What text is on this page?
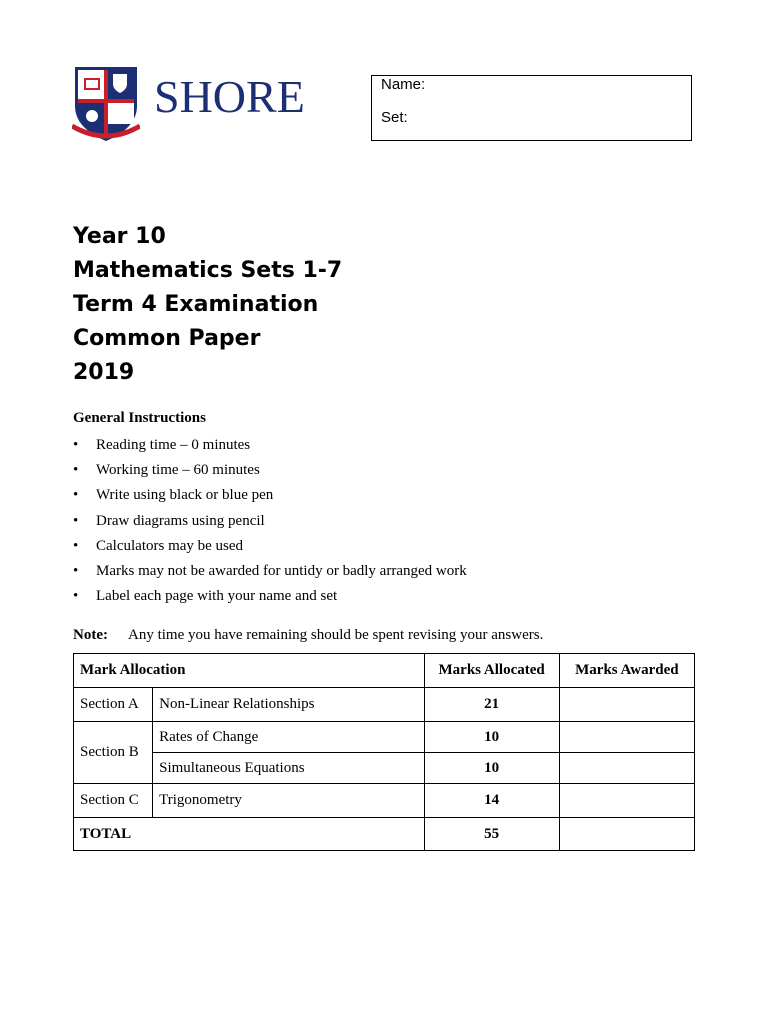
SHORE	Name:
Set:
Year 10
Mathematics Sets 1-7
Term 4 Examination
Common Paper
2019
General Instructions
• Reading time – 0 minutes
• Working time – 60 minutes
• Write using black or blue pen
• Draw diagrams using pencil
• Calculators may be used
• Marks may not be awarded for untidy or badly arranged work
• Label each page with your name and set
Note: Any time you have remaining should be spent revising your answers.
Mark Allocation		Marks Allocated	Marks Awarded
Section A	Non-Linear Relationships	21	
Section B	Rates of Change	10	
	Simultaneous Equations	10	
Section C	Trigonometry	14	
TOTAL		55	
